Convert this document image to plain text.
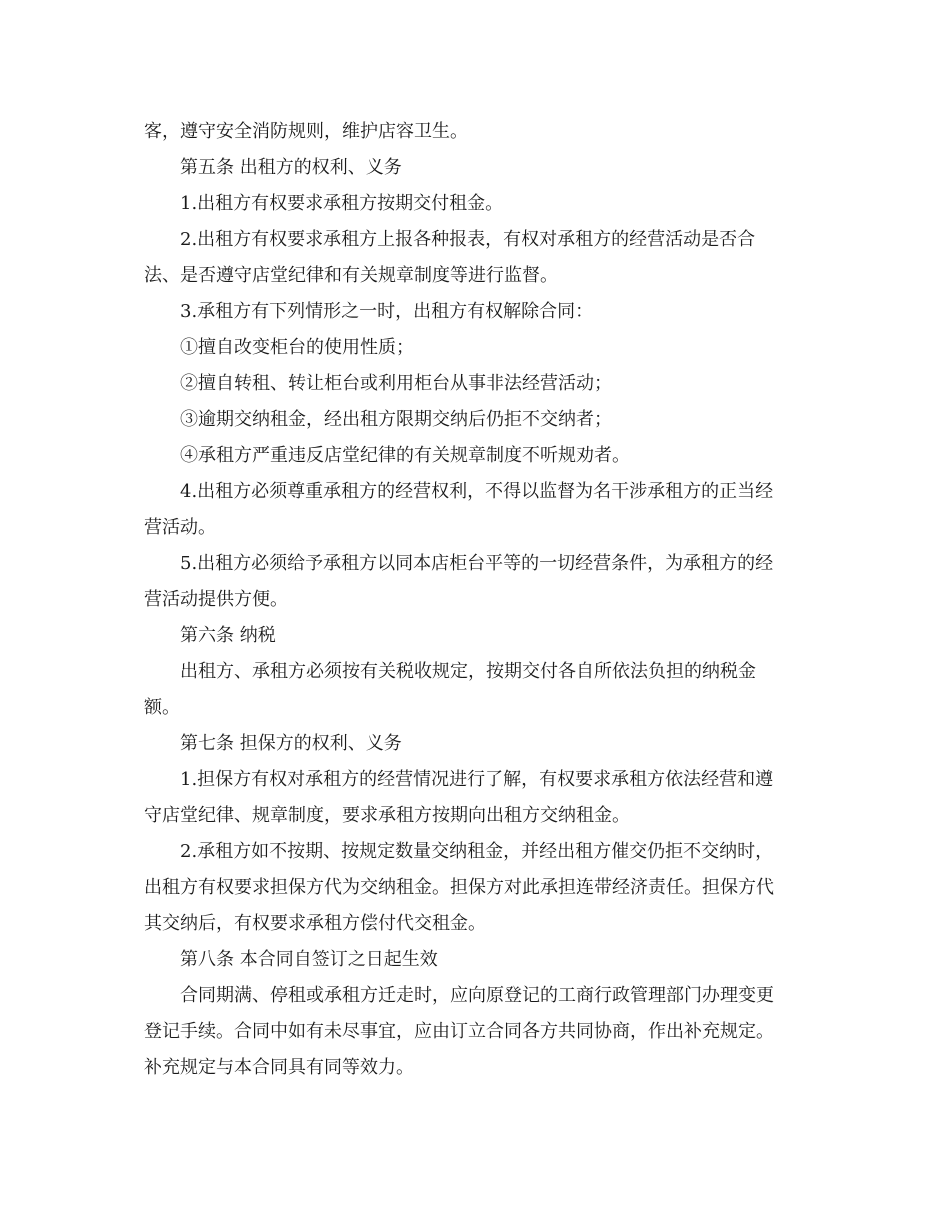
客，遵守安全消防规则，维护店容卫生。

第五条 出租方的权利、义务

1.出租方有权要求承租方按期交付租金。

2.出租方有权要求承租方上报各种报表，有权对承租方的经营活动是否合

法、是否遵守店堂纪律和有关规章制度等进行监督。

3.承租方有下列情形之一时，出租方有权解除合同：

①擅自改变柜台的使用性质；

②擅自转租、转让柜台或利用柜台从事非法经营活动；

③逾期交纳租金，经出租方限期交纳后仍拒不交纳者；

④承租方严重违反店堂纪律的有关规章制度不听规劝者。

4.出租方必须尊重承租方的经营权利，不得以监督为名干涉承租方的正当经

营活动。

5.出租方必须给予承租方以同本店柜台平等的一切经营条件，为承租方的经

营活动提供方便。

第六条 纳税

出租方、承租方必须按有关税收规定，按期交付各自所依法负担的纳税金

额。

第七条 担保方的权利、义务

1.担保方有权对承租方的经营情况进行了解，有权要求承租方依法经营和遵

守店堂纪律、规章制度，要求承租方按期向出租方交纳租金。

2.承租方如不按期、按规定数量交纳租金，并经出租方催交仍拒不交纳时，

出租方有权要求担保方代为交纳租金。担保方对此承担连带经济责任。担保方代

其交纳后，有权要求承租方偿付代交租金。

第八条 本合同自签订之日起生效

合同期满、停租或承租方迁走时，应向原登记的工商行政管理部门办理变更

登记手续。合同中如有未尽事宜，应由订立合同各方共同协商，作出补充规定。

补充规定与本合同具有同等效力。
